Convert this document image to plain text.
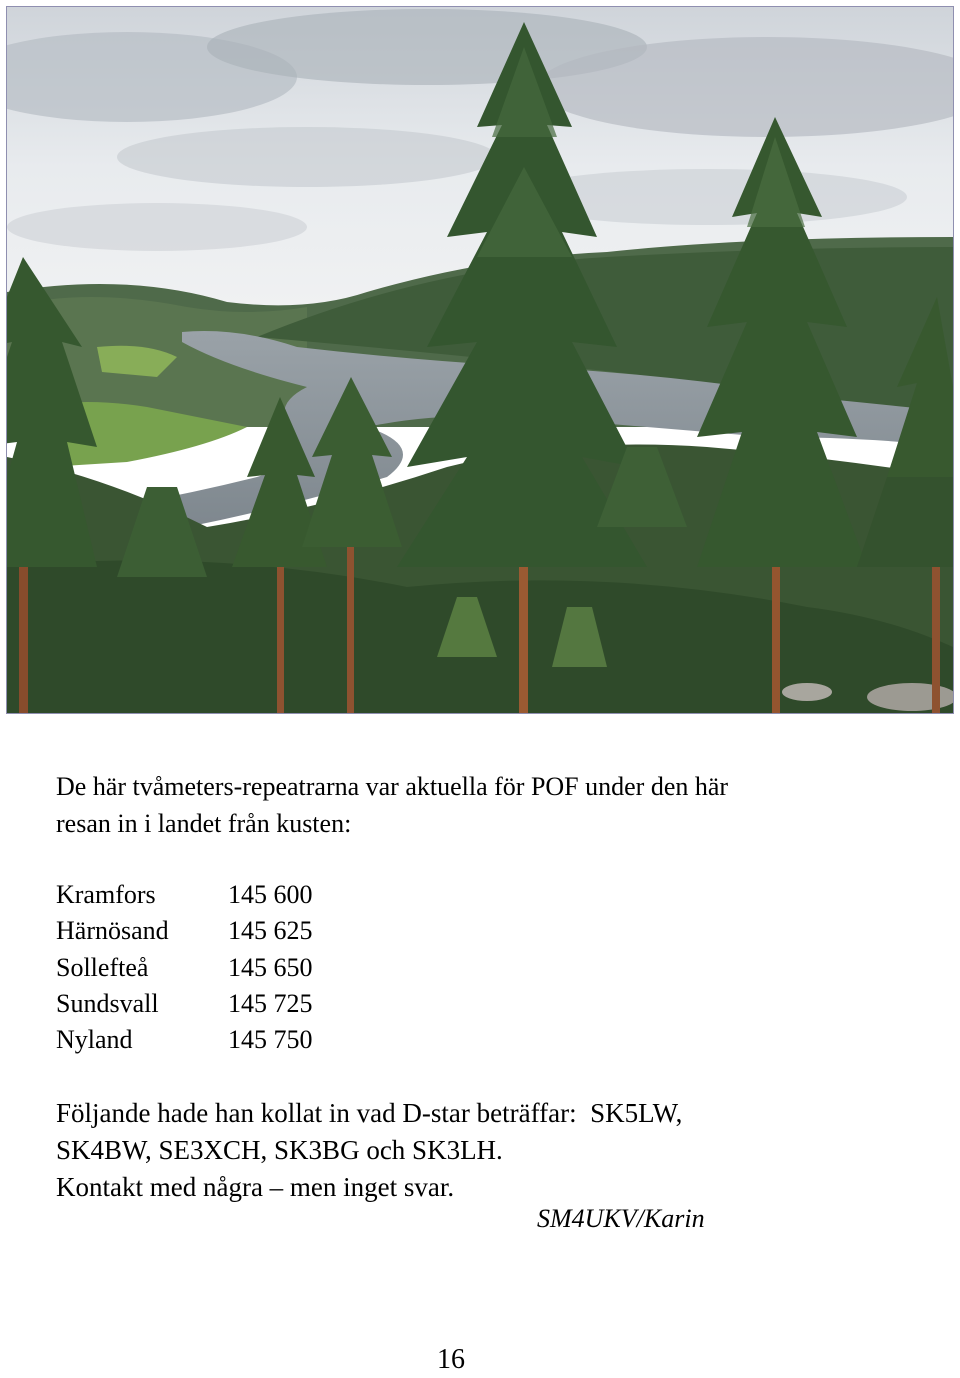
De här tvåmeters-repeatrarna var aktuella för POF under den här
resan in i landet från kusten:

Kramfors	145 600
Härnösand	145 625
Sollefteå	145 650
Sundsvall	145 725
Nyland	145 750

Följande hade han kollat in vad D-star beträffar:  SK5LW,
SK4BW, SE3XCH, SK3BG och SK3LH.
Kontakt med några – men inget svar.

SM4UKV/Karin
16
